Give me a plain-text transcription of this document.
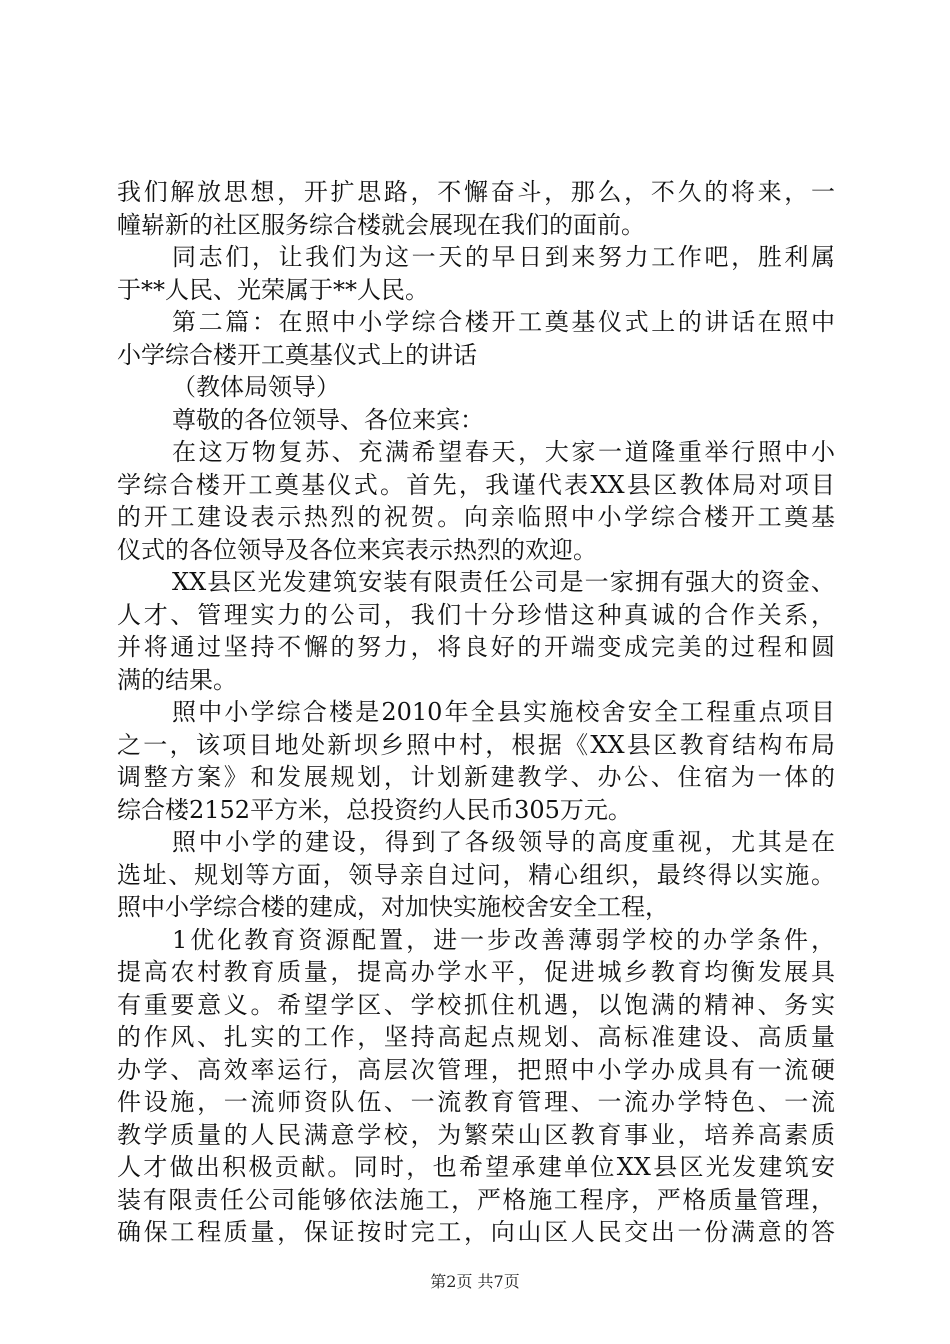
我们解放思想，开扩思路，不懈奋斗，那么，不久的将来，一
幢崭新的社区服务综合楼就会展现在我们的面前。
同志们，让我们为这一天的早日到来努力工作吧，胜利属
于**人民、光荣属于**人民。
第二篇：在照中小学综合楼开工奠基仪式上的讲话在照中
小学综合楼开工奠基仪式上的讲话
（教体局领导）
尊敬的各位领导、各位来宾：
在这万物复苏、充满希望春天，大家一道隆重举行照中小
学综合楼开工奠基仪式。首先，我谨代表XX县区教体局对项目
的开工建设表示热烈的祝贺。向亲临照中小学综合楼开工奠基
仪式的各位领导及各位来宾表示热烈的欢迎。
XX县区光发建筑安装有限责任公司是一家拥有强大的资金、
人才、管理实力的公司，我们十分珍惜这种真诚的合作关系，
并将通过坚持不懈的努力，将良好的开端变成完美的过程和圆
满的结果。
照中小学综合楼是2010年全县实施校舍安全工程重点项目
之一，该项目地处新坝乡照中村，根据《XX县区教育结构布局
调整方案》和发展规划，计划新建教学、办公、住宿为一体的
综合楼2152平方米，总投资约人民币305万元。
照中小学的建设，得到了各级领导的高度重视，尤其是在
选址、规划等方面，领导亲自过问，精心组织，最终得以实施。
照中小学综合楼的建成，对加快实施校舍安全工程，
1优化教育资源配置，进一步改善薄弱学校的办学条件，
提高农村教育质量，提高办学水平，促进城乡教育均衡发展具
有重要意义。希望学区、学校抓住机遇，以饱满的精神、务实
的作风、扎实的工作，坚持高起点规划、高标准建设、高质量
办学、高效率运行，高层次管理，把照中小学办成具有一流硬
件设施，一流师资队伍、一流教育管理、一流办学特色、一流
教学质量的人民满意学校，为繁荣山区教育事业，培养高素质
人才做出积极贡献。同时，也希望承建单位XX县区光发建筑安
装有限责任公司能够依法施工，严格施工程序，严格质量管理，
确保工程质量，保证按时完工，向山区人民交出一份满意的答
第2页 共7页
